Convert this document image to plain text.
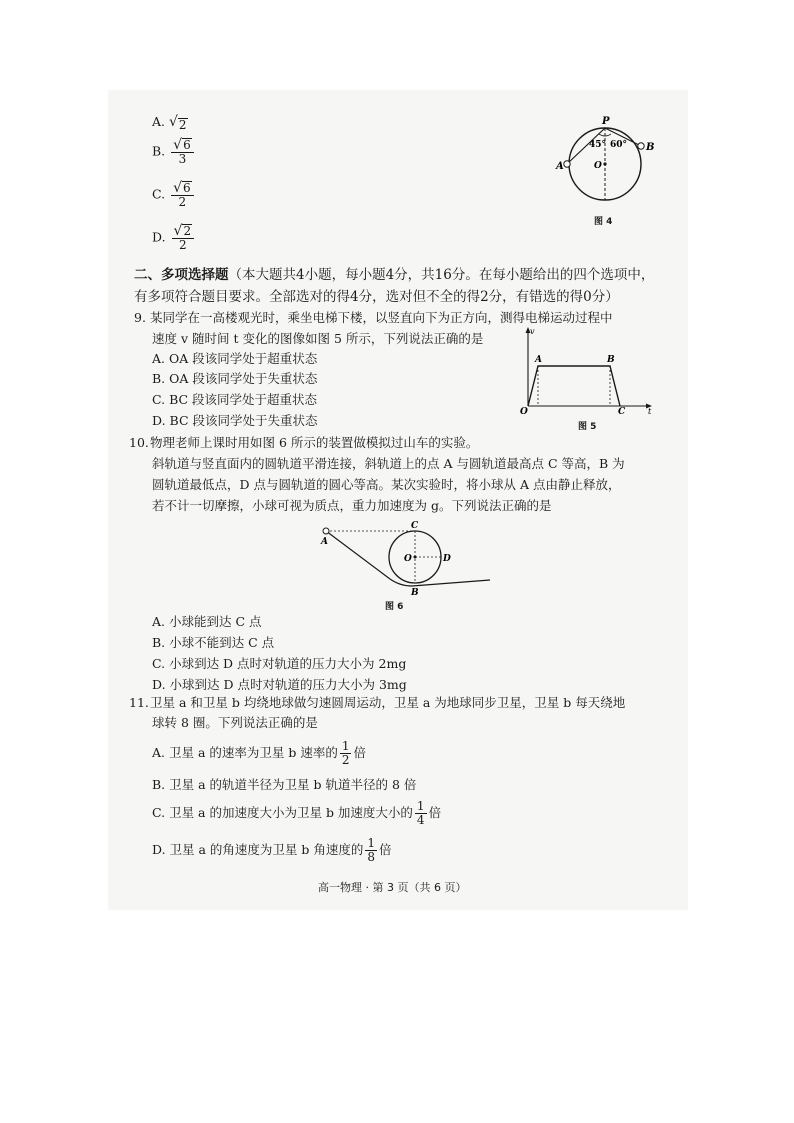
A. √ 2
B. $\frac{√ 6}{3}$
C. $\frac{√ 6}{2}$
D. $\frac{√ 2}{2}$
P
A
B
O
45° 60°
图 4
二、多项选择题（本大题共4小题，每小题4分，共16分。在每小题给出的四个选项中，
有多项符合题目要求。全部选对的得4分，选对但不全的得2分，有错选的得0分）
9. 某同学在一高楼观光时，乘坐电梯下楼，以竖直向下为正方向，测得电梯运动过程中
速度 v 随时间 t 变化的图像如图 5 所示，下列说法正确的是
A. OA 段该同学处于超重状态
B. OA 段该同学处于失重状态
C. BC 段该同学处于超重状态
D. BC 段该同学处于失重状态
v
t
O
A	B
C
图 5
10. 物理老师上课时用如图 6 所示的装置做模拟过山车的实验。
斜轨道与竖直面内的圆轨道平滑连接，斜轨道上的点 A 与圆轨道最高点 C 等高，B 为
圆轨道最低点，D 点与圆轨道的圆心等高。某次实验时，将小球从 A 点由静止释放，
若不计一切摩擦，小球可视为质点，重力加速度为 g。下列说法正确的是
A
C
O	D
B
图 6
A. 小球能到达 C 点
B. 小球不能到达 C 点
C. 小球到达 D 点时对轨道的压力大小为 2mg
D. 小球到达 D 点时对轨道的压力大小为 3mg
11. 卫星 a 和卫星 b 均绕地球做匀速圆周运动，卫星 a 为地球同步卫星，卫星 b 每天绕地
球转 8 圈。下列说法正确的是
A. 卫星 a 的速率为卫星 b 速率的 $\frac{1}{2}$ 倍
B. 卫星 a 的轨道半径为卫星 b 轨道半径的 8 倍
C. 卫星 a 的加速度大小为卫星 b 加速度大小的 $\frac{1}{4}$ 倍
D. 卫星 a 的角速度为卫星 b 角速度的 $\frac{1}{8}$ 倍
高一物理 · 第 3 页（共 6 页）
